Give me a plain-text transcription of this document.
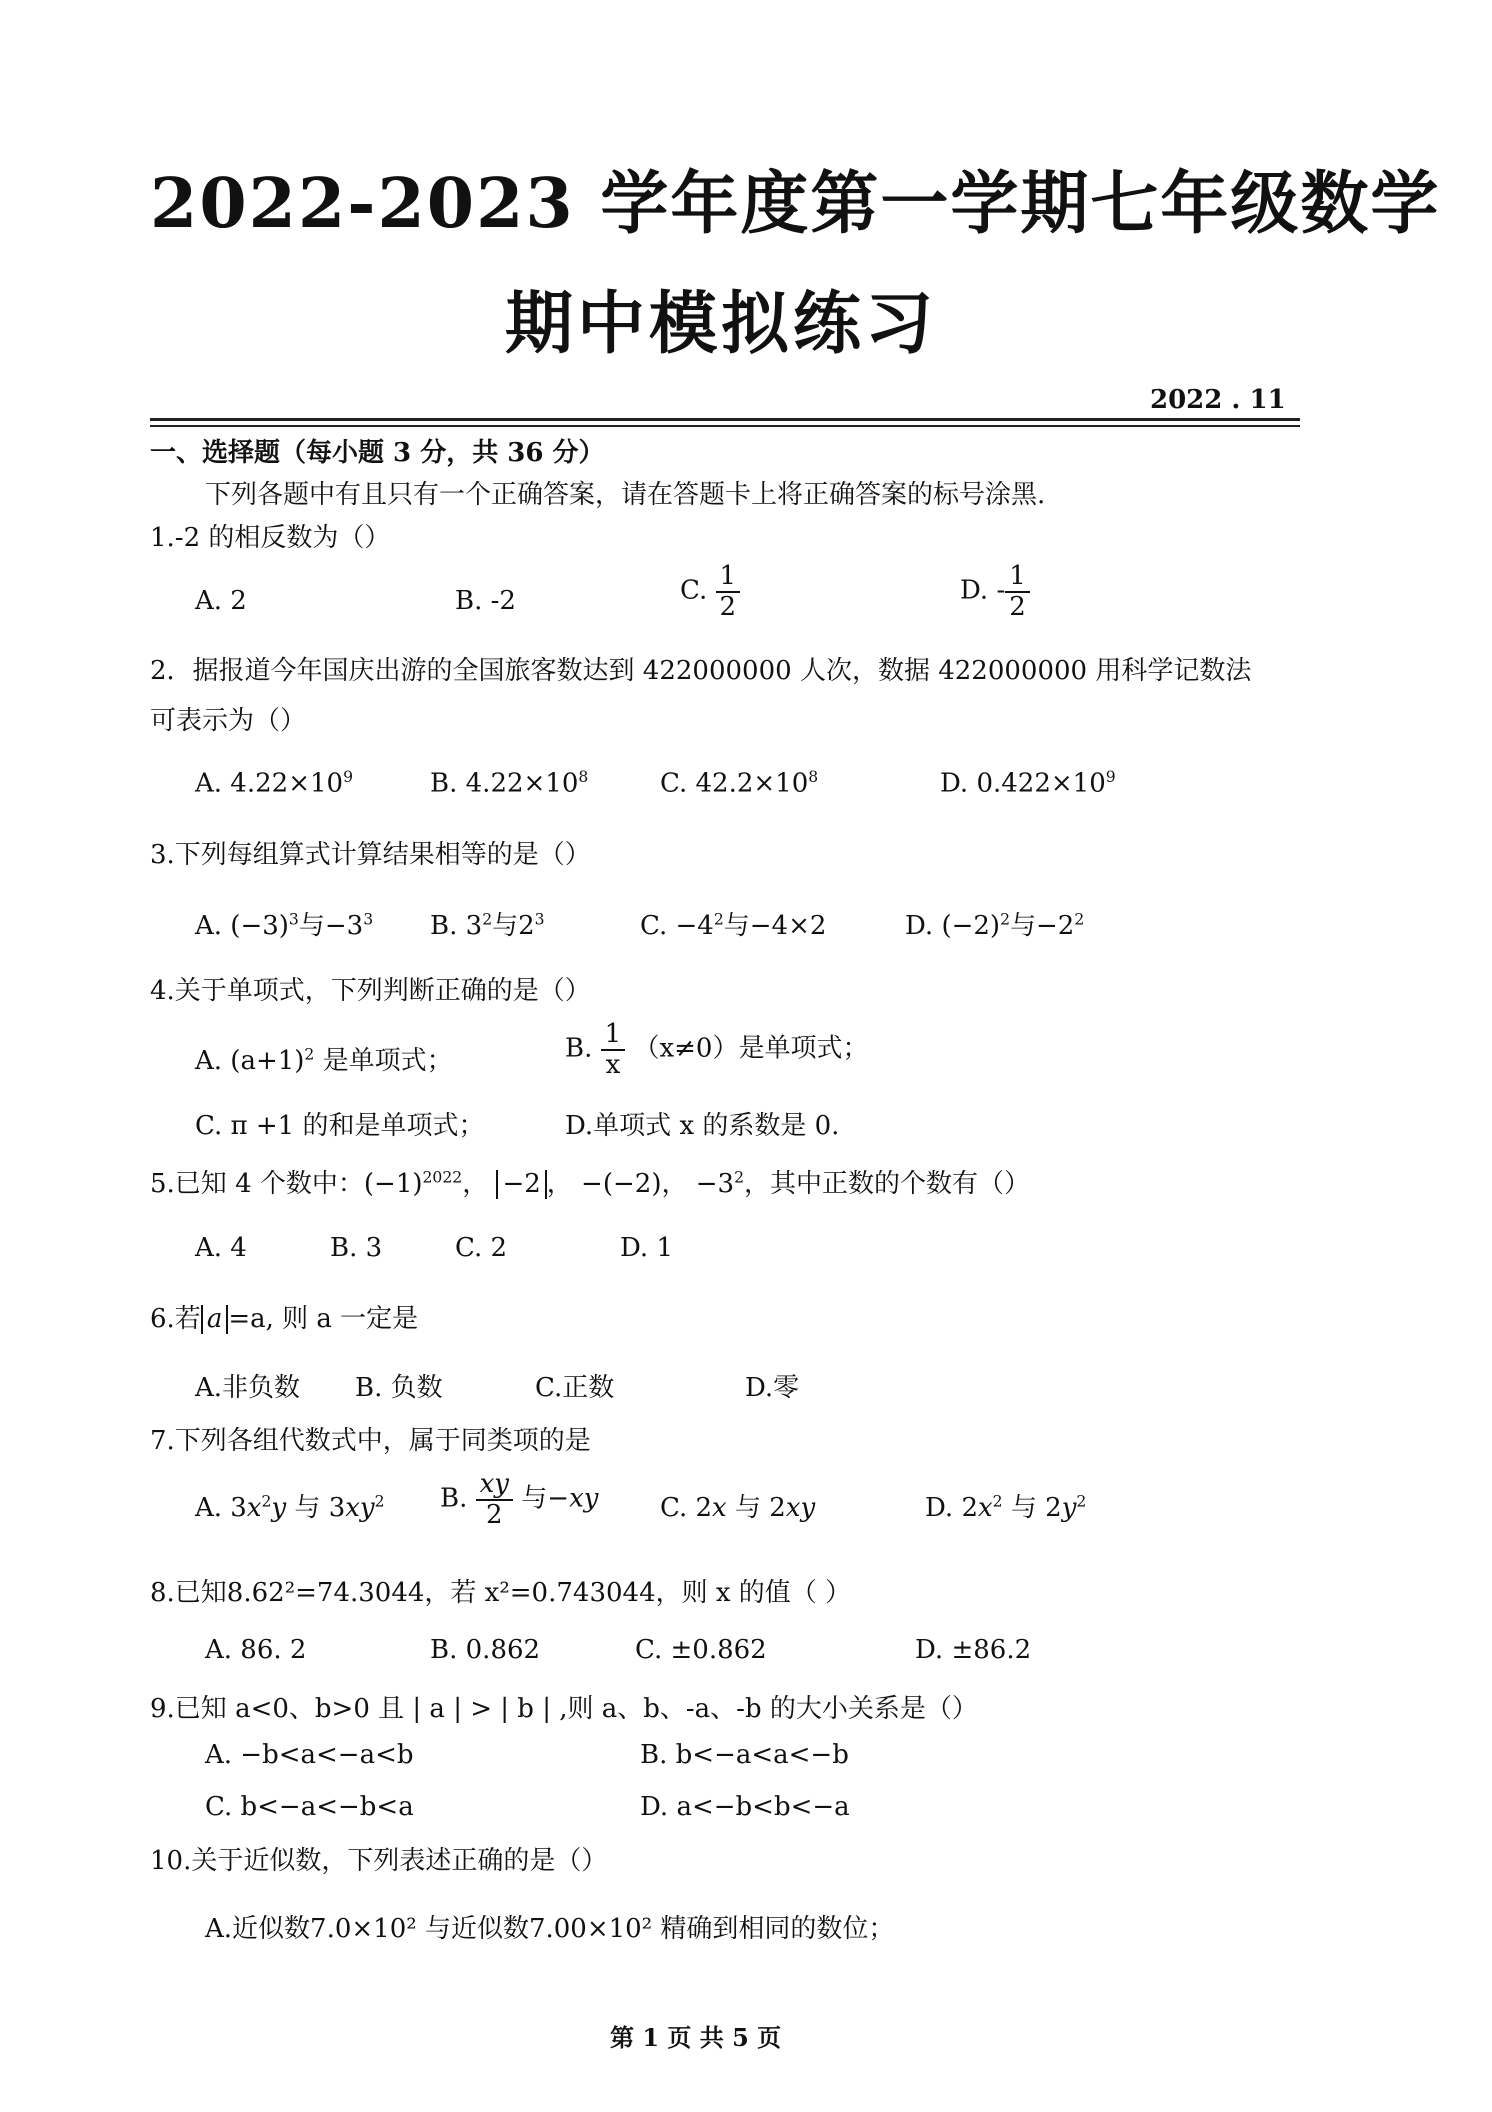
2022-2023 学年度第一学期七年级数学
期中模拟练习
2022 . 11
一、选择题（每小题 3 分，共 36 分）
下列各题中有且只有一个正确答案，请在答题卡上将正确答案的标号涂黑.
1.-2 的相反数为（）
A. 2	B. -2	C. $\frac{1}{2}$	D. - $\frac{1}{2}$
2．据报道今年国庆出游的全国旅客数达到 422000000 人次，数据 422000000 用科学记数法
可表示为（）
A. $4.22\times 10^9$	B. $4.22\times 10^8$	C. $42.2\times 10^8$	D. $0.422\times 10^9$
3.下列每组算式计算结果相等的是（）
A. $(-3)^3$与$-3^3$ B. $3^2$与$2^3$	C. $-4^2$与−4×2	D. $(-2)^2$与$-2^2$
4.关于单项式，下列判断正确的是（）
A. $(a+1)^2$ 是单项式；	B. $\frac{1}{x} (x\ne 0)$是单项式；
C. π +1 的和是单项式；	D.单项式 x 的系数是 0.
5.已知 4 个数中：$(-1)^{2022}$， −2 ， −(−2)， $-3^2$，其中正数的个数有（）
A. 4	B. 3	C. 2	D. 1
6.若 a =a, 则 a 一定是
A.非负数 B. 负数	C.正数	D.零
7.下列各组代数式中，属于同类项的是
A. $3x^2y$ 与 $3xy^2$ B. $\frac{xy}{2}$ 与−xy C. 2x 与 2xy	D. $2x^2$ 与 $2y^2$
8.已知8.62²=74.3044，若 x²=0.743044，则 x 的值（ ）
A. 86. 2	B. 0.862	C. ±0.862	D. ±86.2
9.已知 a<0、b>0 且 | a | > | b | ,则 a、b、-a、-b 的大小关系是（）
A. −b<a<−a<b	B. b<−a<a<−b
C. b<−a<−b<a	D. a<−b<b<−a
10.关于近似数，下列表述正确的是（）
A.近似数7.0×10² 与近似数7.00×10² 精确到相同的数位；
第 1 页 共 5 页
